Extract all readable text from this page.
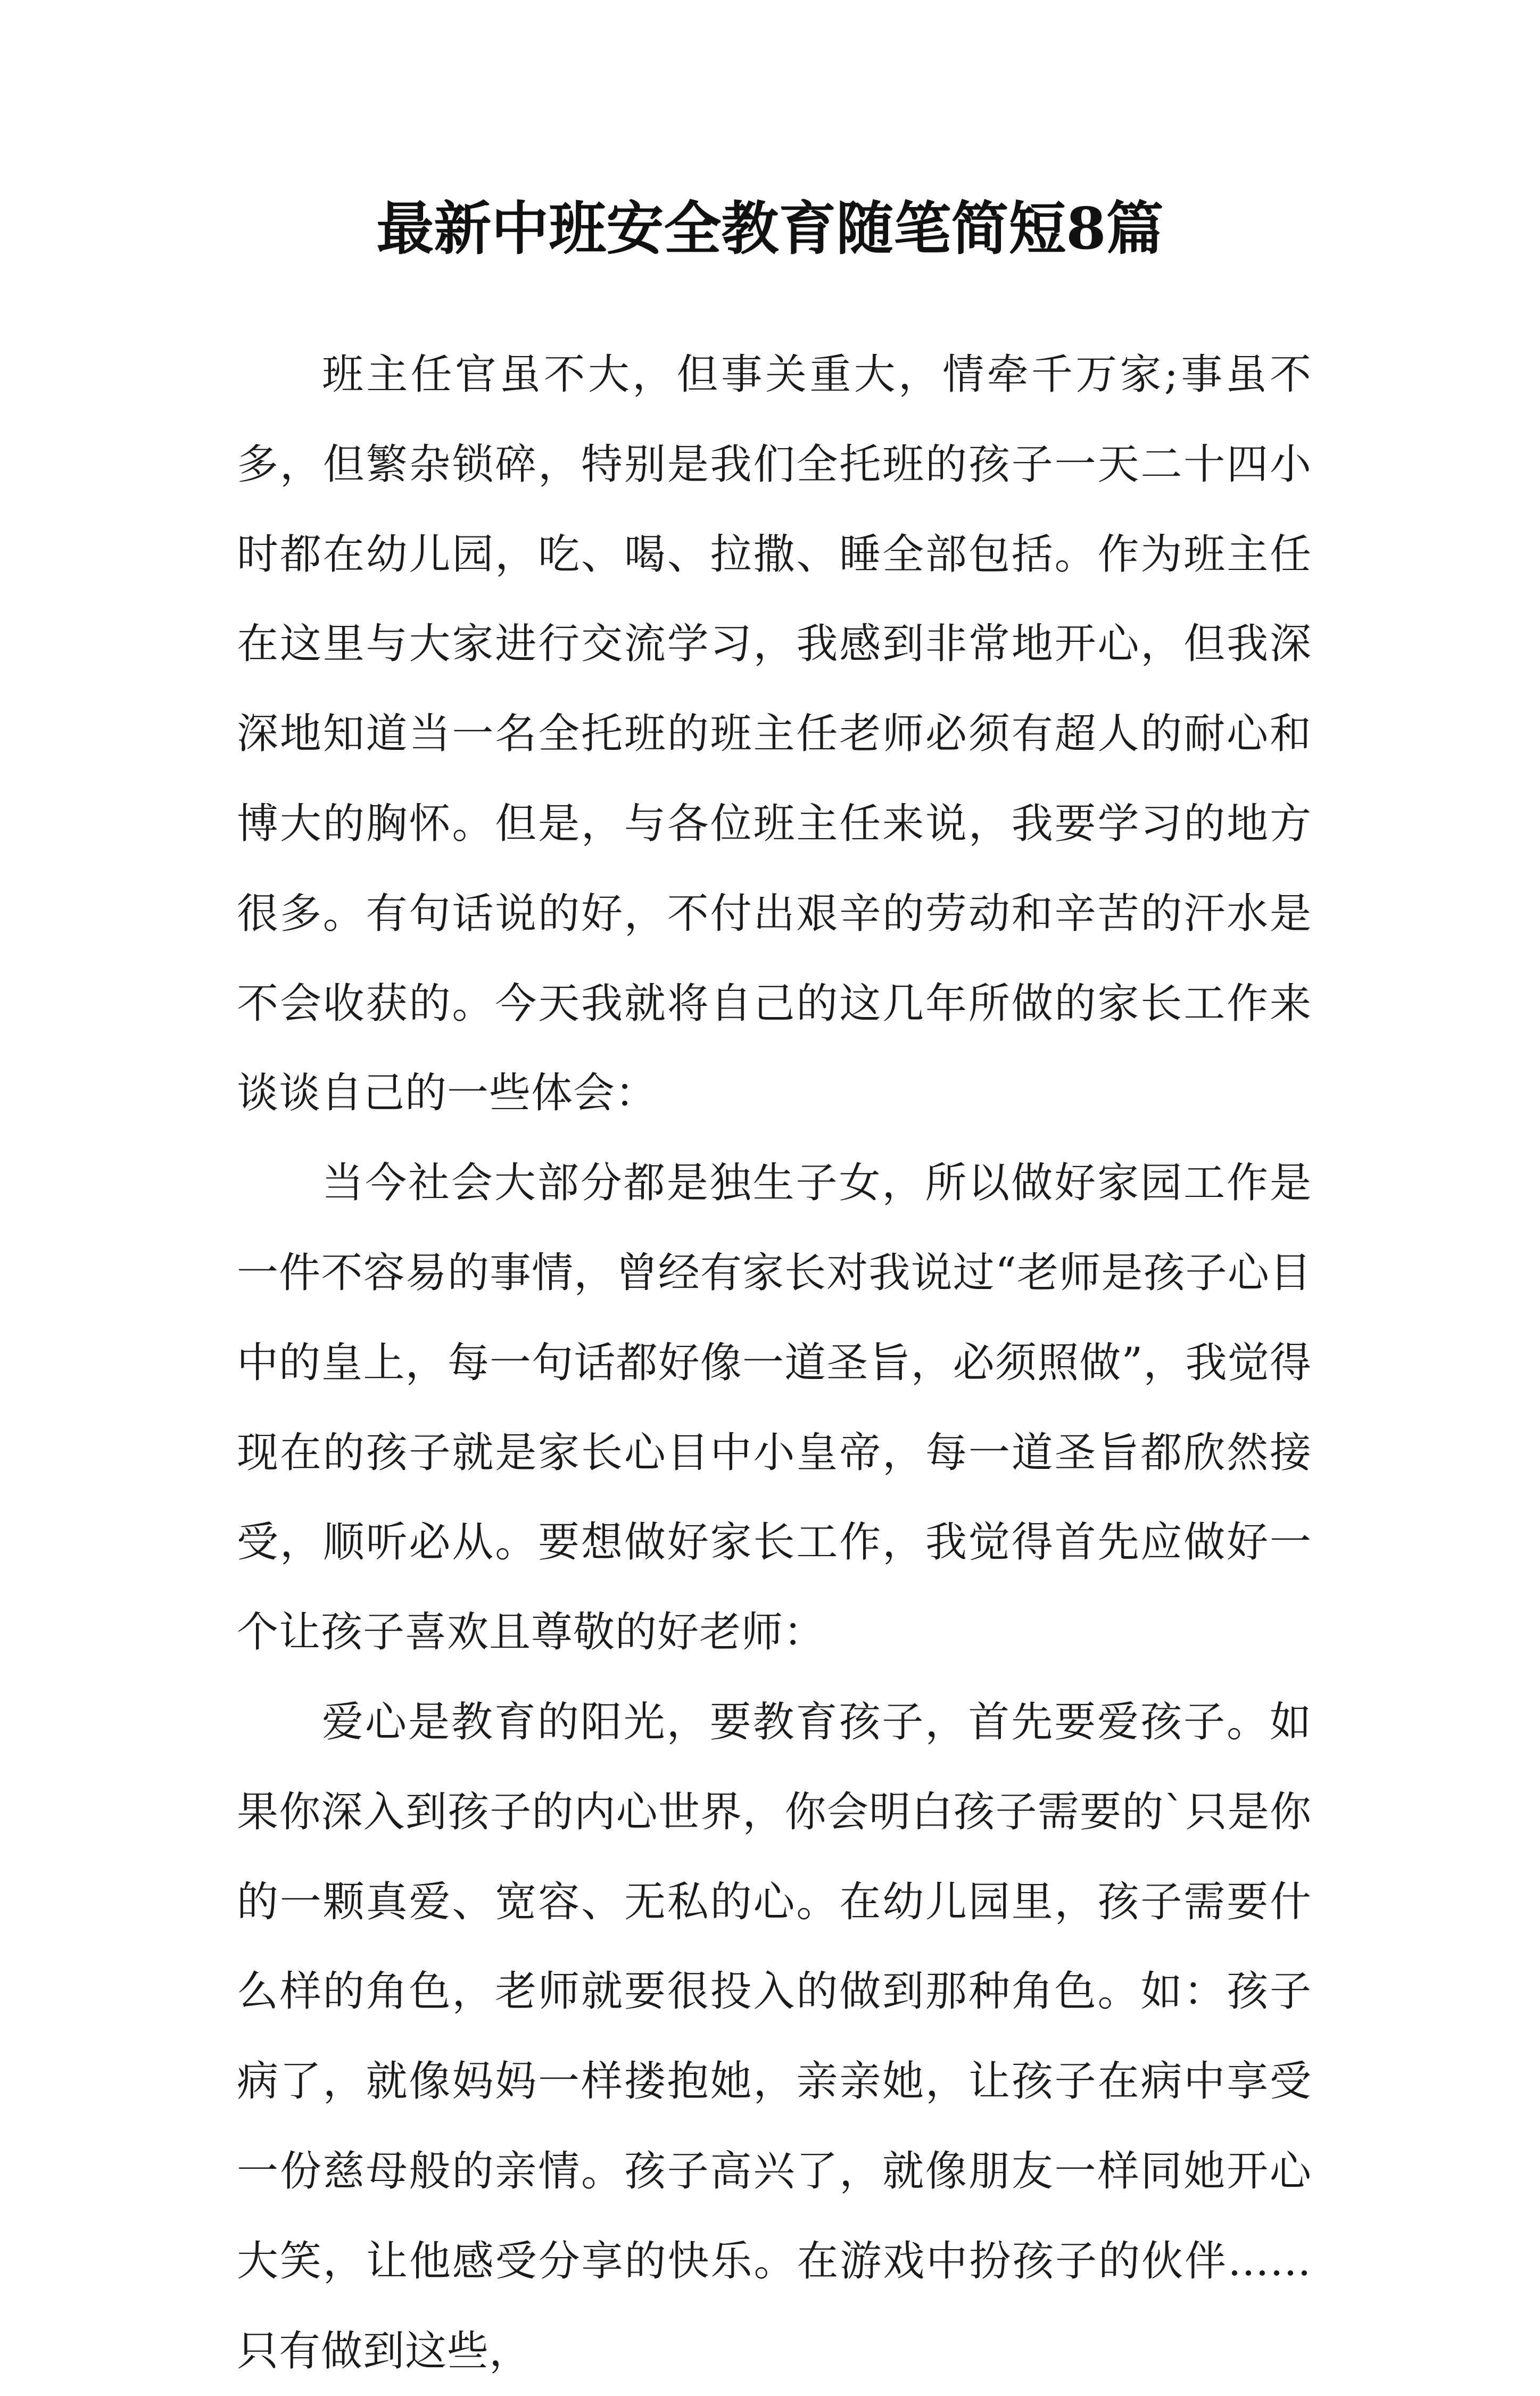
最新中班安全教育随笔简短8篇

班主任官虽不大，但事关重大，情牵千万家;事虽不多，但繁杂锁碎，特别是我们全托班的孩子一天二十四小时都在幼儿园，吃、喝、拉撒、睡全部包括。作为班主任在这里与大家进行交流学习，我感到非常地开心，但我深深地知道当一名全托班的班主任老师必须有超人的耐心和博大的胸怀。但是，与各位班主任来说，我要学习的地方很多。有句话说的好，不付出艰辛的劳动和辛苦的汗水是不会收获的。今天我就将自己的这几年所做的家长工作来谈谈自己的一些体会：

当今社会大部分都是独生子女，所以做好家园工作是一件不容易的事情，曾经有家长对我说过“老师是孩子心目中的皇上，每一句话都好像一道圣旨，必须照做”，我觉得现在的孩子就是家长心目中小皇帝，每一道圣旨都欣然接受，顺听必从。要想做好家长工作，我觉得首先应做好一个让孩子喜欢且尊敬的好老师：

爱心是教育的阳光，要教育孩子，首先要爱孩子。如果你深入到孩子的内心世界，你会明白孩子需要的`只是你的一颗真爱、宽容、无私的心。在幼儿园里，孩子需要什么样的角色，老师就要很投入的做到那种角色。如：孩子病了，就像妈妈一样搂抱她，亲亲她，让孩子在病中享受一份慈母般的亲情。孩子高兴了，就像朋友一样同她开心大笑，让他感受分享的快乐。在游戏中扮孩子的伙伴……只有做到这些，
